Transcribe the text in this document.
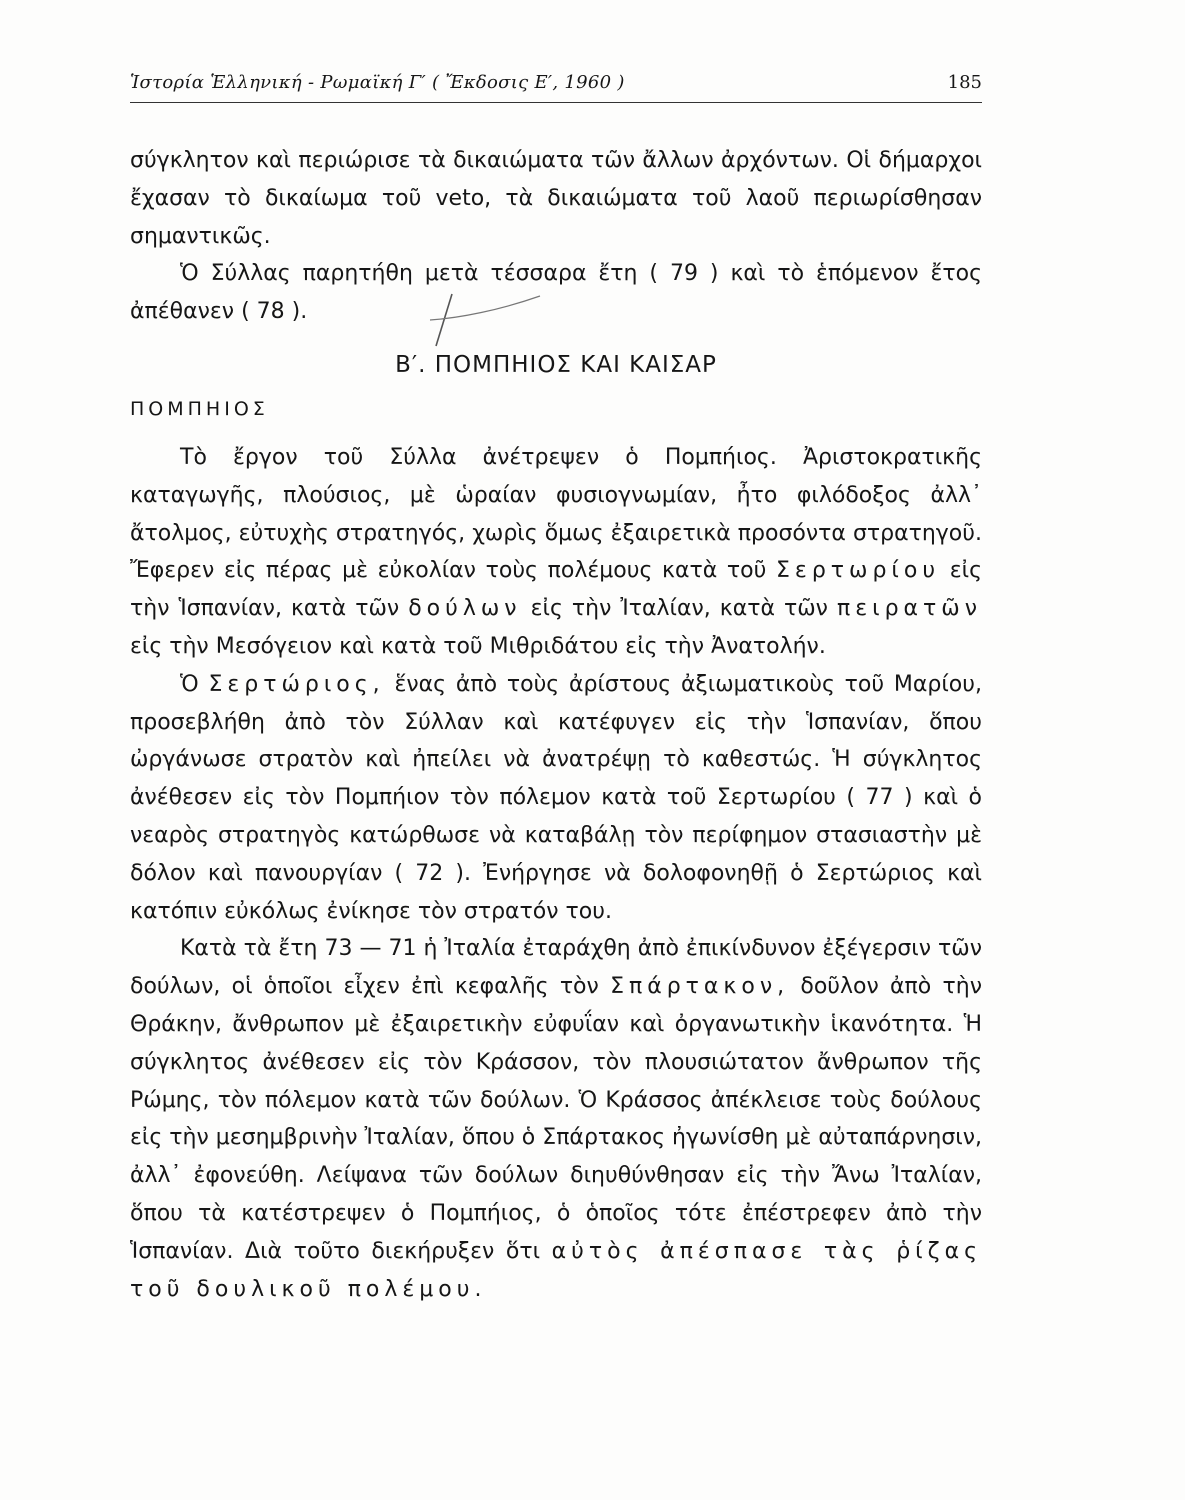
Ἱστορία Ἑλληνική - Ρωμαϊκή Γ′ ( Ἔκδοσις Ε′, 1960 )	185

σύγκλητον καὶ περιώρισε τὰ δικαιώματα τῶν ἄλλων ἀρχόντων. Οἱ δήμαρχοι ἔχασαν τὸ δικαίωμα τοῦ veto, τὰ δικαιώματα τοῦ λαοῦ περιωρίσθησαν σημαντικῶς.

Ὁ Σύλλας παρητήθη μετὰ τέσσαρα ἔτη ( 79 ) καὶ τὸ ἑπόμενον ἔτος ἀπέθανεν ( 78 ).

Β′. ΠΟΜΠΗΙΟΣ ΚΑΙ ΚΑΙΣΑΡ
ΠΟΜΠΗΙΟΣ

Τὸ ἔργον τοῦ Σύλλα ἀνέτρεψεν ὁ Πομπήιος. Ἀριστοκρατικῆς καταγωγῆς, πλούσιος, μὲ ὡραίαν φυσιογνωμίαν, ἦτο φιλόδοξος ἀλλ᾽ ἄτολμος, εὐτυχὴς στρατηγός, χωρὶς ὅμως ἐξαιρετικὰ προσόντα στρατηγοῦ. Ἔφερεν εἰς πέρας μὲ εὐκολίαν τοὺς πολέμους κατὰ τοῦ Σερτωρίου εἰς τὴν Ἱσπανίαν, κατὰ τῶν δούλων εἰς τὴν Ἰταλίαν, κατὰ τῶν πειρατῶν εἰς τὴν Μεσόγειον καὶ κατὰ τοῦ Μιθριδάτου εἰς τὴν Ἀνατολήν.

Ὁ Σερτώριος, ἕνας ἀπὸ τοὺς ἀρίστους ἀξιωματικοὺς τοῦ Μαρίου, προσεβλήθη ἀπὸ τὸν Σύλλαν καὶ κατέφυγεν εἰς τὴν Ἱσπανίαν, ὅπου ὠργάνωσε στρατὸν καὶ ἠπείλει νὰ ἀνατρέψῃ τὸ καθεστώς. Ἡ σύγκλητος ἀνέθεσεν εἰς τὸν Πομπήιον τὸν πόλεμον κατὰ τοῦ Σερτωρίου ( 77 ) καὶ ὁ νεαρὸς στρατηγὸς κατώρθωσε νὰ καταβάλῃ τὸν περίφημον στασιαστὴν μὲ δόλον καὶ πανουργίαν ( 72 ). Ἐνήργησε νὰ δολοφονηθῇ ὁ Σερτώριος καὶ κατόπιν εὐκόλως ἐνίκησε τὸν στρατόν του.

Κατὰ τὰ ἔτη 73 — 71 ἡ Ἰταλία ἐταράχθη ἀπὸ ἐπικίνδυνον ἐξέγερσιν τῶν δούλων, οἱ ὁποῖοι εἶχεν ἐπὶ κεφαλῆς τὸν Σπάρτακον, δοῦλον ἀπὸ τὴν Θράκην, ἄνθρωπον μὲ ἐξαιρετικὴν εὐφυΐαν καὶ ὀργανωτικὴν ἱκανότητα. Ἡ σύγκλητος ἀνέθεσεν εἰς τὸν Κράσσον, τὸν πλουσιώτατον ἄνθρωπον τῆς Ρώμης, τὸν πόλεμον κατὰ τῶν δούλων. Ὁ Κράσσος ἀπέκλεισε τοὺς δούλους εἰς τὴν μεσημβρινὴν Ἰταλίαν, ὅπου ὁ Σπάρτακος ἠγωνίσθη μὲ αὐταπάρνησιν, ἀλλ᾽ ἐφονεύθη. Λείψανα τῶν δούλων διηυθύνθησαν εἰς τὴν Ἄνω Ἰταλίαν, ὅπου τὰ κατέστρεψεν ὁ Πομπήιος, ὁ ὁποῖος τότε ἐπέστρεφεν ἀπὸ τὴν Ἱσπανίαν. Διὰ τοῦτο διεκήρυξεν ὅτι αὐτὸς ἀπέσπασε τὰς ῥίζας τοῦ δουλικοῦ πολέμου.
